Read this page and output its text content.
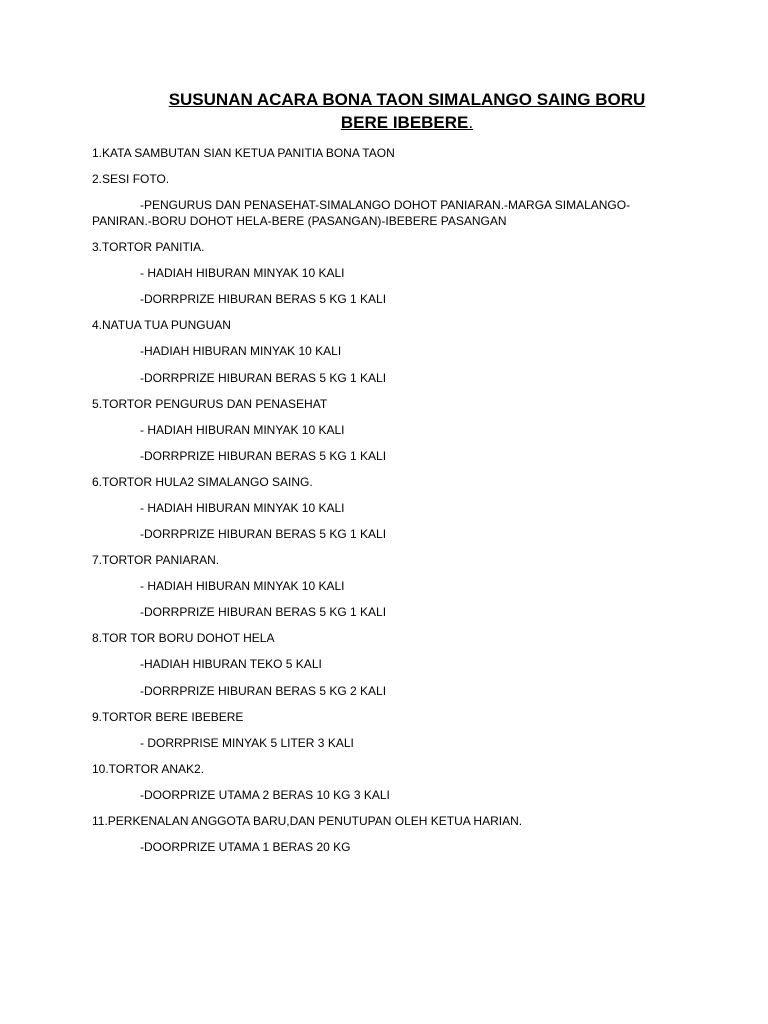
SUSUNAN ACARA BONA TAON SIMALANGO SAING BORU
BERE IBEBERE.
1.KATA SAMBUTAN SIAN KETUA PANITIA BONA TAON
2.SESI FOTO.
-PENGURUS DAN PENASEHAT-SIMALANGO DOHOT PANIARAN.-MARGA SIMALANGO-
PANIRAN.-BORU DOHOT HELA-BERE (PASANGAN)-IBEBERE PASANGAN
3.TORTOR PANITIA.
- HADIAH HIBURAN MINYAK 10 KALI
-DORRPRIZE HIBURAN BERAS 5 KG 1 KALI
4.NATUA TUA PUNGUAN
-HADIAH HIBURAN MINYAK 10 KALI
-DORRPRIZE HIBURAN BERAS 5 KG 1 KALI
5.TORTOR PENGURUS DAN PENASEHAT
- HADIAH HIBURAN MINYAK 10 KALI
-DORRPRIZE HIBURAN BERAS 5 KG 1 KALI
6.TORTOR HULA2 SIMALANGO SAING.
- HADIAH HIBURAN MINYAK 10 KALI
-DORRPRIZE HIBURAN BERAS 5 KG 1 KALI
7.TORTOR PANIARAN.
- HADIAH HIBURAN MINYAK 10 KALI
-DORRPRIZE HIBURAN BERAS 5 KG 1 KALI
8.TOR TOR BORU DOHOT HELA
-HADIAH HIBURAN TEKO 5 KALI
-DORRPRIZE HIBURAN BERAS 5 KG 2 KALI
9.TORTOR BERE IBEBERE
- DORRPRISE MINYAK 5 LITER 3 KALI
10.TORTOR ANAK2.
-DOORPRIZE UTAMA 2 BERAS 10 KG 3 KALI
11.PERKENALAN ANGGOTA BARU,DAN PENUTUPAN OLEH KETUA HARIAN.
-DOORPRIZE UTAMA 1 BERAS 20 KG
